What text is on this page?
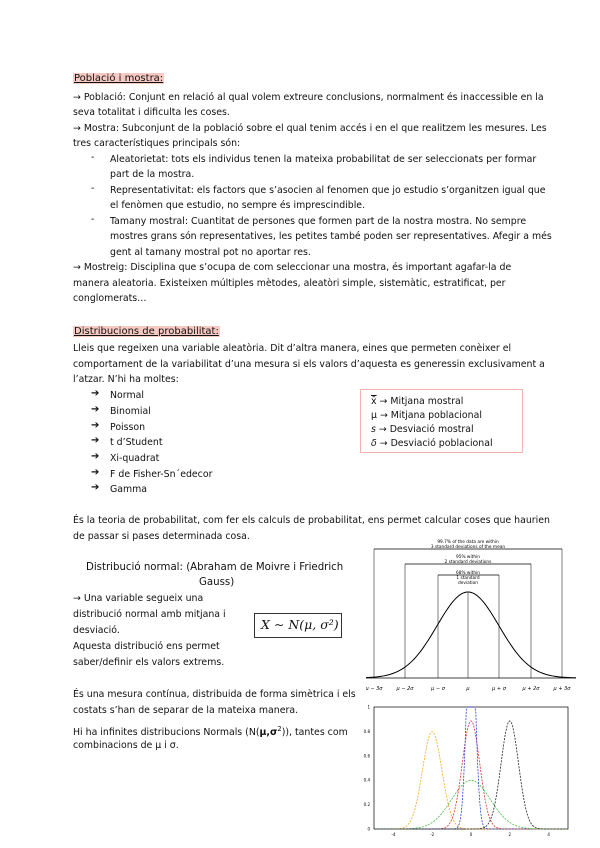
Població i mostra:
→ Població: Conjunt en relació al qual volem extreure conclusions, normalment és inaccessible en la
seva totalitat i dificulta les coses.
→ Mostra: Subconjunt de la població sobre el qual tenim accés i en el que realitzem les mesures. Les
tres característiques principals són:
- Aleatorietat: tots els individus tenen la mateixa probabilitat de ser seleccionats per formar
part de la mostra.
- Representativitat: els factors que s’asocien al fenomen que jo estudio s’organitzen igual que
el fenòmen que estudio, no sempre és imprescindible.
- Tamany mostral: Cuantitat de persones que formen part de la nostra mostra. No sempre
mostres grans són representatives, les petites també poden ser representatives. Afegir a més
gent al tamany mostral pot no aportar res.
→ Mostreig: Disciplina que s’ocupa de com seleccionar una mostra, és important agafar-la de
manera aleatoria. Existeixen múltiples mètodes, aleatòri simple, sistemàtic, estratificat, per
conglomerats…
Distribucions de probabilitat:
Lleis que regeixen una variable aleatòria. Dit d’altra manera, eines que permeten conèixer el
comportament de la variabilitat d’una mesura si els valors d’aquesta es generessin exclusivament a
l’atzar. N’hi ha moltes:
➔ Normal
➔ Binomial
➔ Poisson
➔ t d’Student
➔ Xi-quadrat
➔ F de Fisher-Sn´edecor
➔ Gamma
x̄ → Mitjana mostral
μ → Mitjana poblacional
s → Desviació mostral
δ → Desviació poblacional
És la teoria de probabilitat, com fer els calculs de probabilitat, ens permet calcular coses que haurien
de passar si pases determinada cosa.
Distribució normal: (Abraham de Moivre i Friedrich
Gauss)
→ Una variable segueix una
distribució normal amb mitjana i
desviació.
Aquesta distribució ens permet
saber/definir els valors extrems.
X ∼ N(μ, σ²)
És una mesura contínua, distribuida de forma simètrica i els
costats s’han de separar de la mateixa manera.
Hi ha infinites distribucions Normals $(N(\mu,\sigma^2))$, tantes com
combinacions de μ i σ.
99.7% of the data are within
3 standard deviations of the mean
95% within
2 standard deviations
68% within
1 standard
deviation
μ − 3σ	μ − 2σ	μ − σ	μ	μ + σ	μ + 2σ	μ + 3σ
1
0.8
0.6
0.4
0.2
0
-4	-2	0	2	4
